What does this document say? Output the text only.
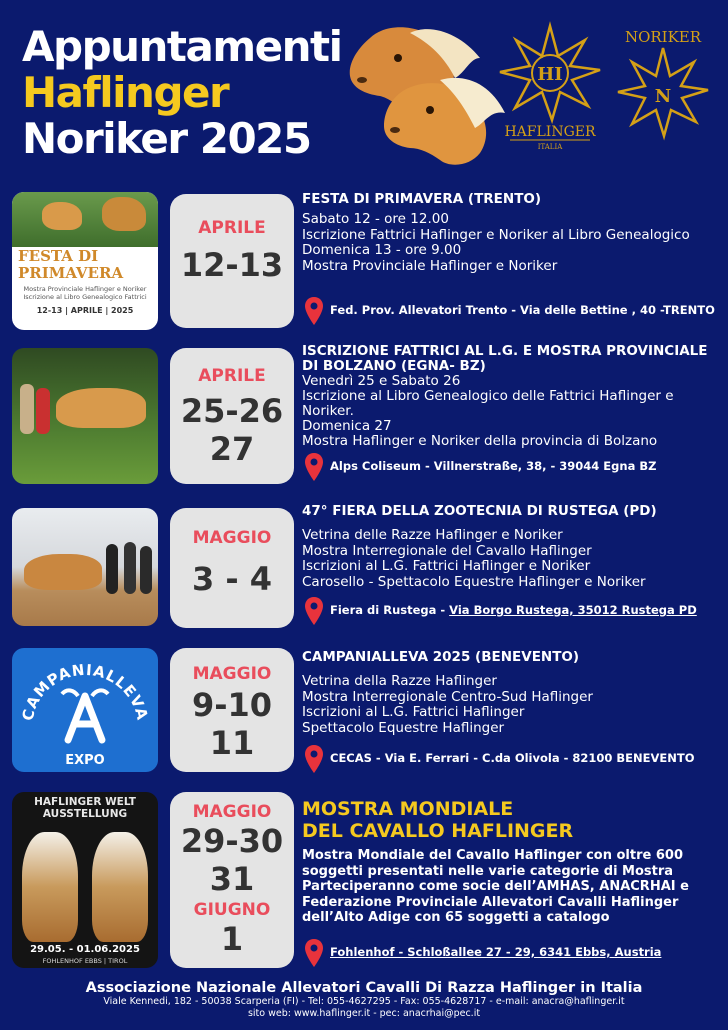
Appuntamenti
Haflinger
Noriker 2025
HI
HAFLINGER
ITALIA
NORIKER
N
FESTA DI
PRIMAVERA
Mostra Provinciale Haflinger e Noriker
Iscrizione al Libro Genealogico Fattrici
12-13 | APRILE | 2025
APRILE
12-13
FESTA DI PRIMAVERA (TRENTO)
Sabato 12 - ore 12.00
Iscrizione Fattrici Haflinger e Noriker al Libro Genealogico
Domenica 13 - ore 9.00
Mostra Provinciale Haflinger e Noriker
Fed. Prov. Allevatori Trento - Via delle Bettine , 40 -TRENTO
APRILE
25-26
27
ISCRIZIONE FATTRICI AL L.G. E MOSTRA PROVINCIALE DI BOLZANO (EGNA- BZ)
Venedrì 25 e Sabato 26
Iscrizione al Libro Genealogico delle Fattrici Haflinger e Noriker.
Domenica 27
Mostra Haflinger e Noriker della provincia di Bolzano
Alps Coliseum - Villnerstraße, 38, - 39044 Egna BZ
MAGGIO
3 - 4
47° FIERA DELLA ZOOTECNIA DI RUSTEGA (PD)
Vetrina delle Razze Haflinger e Noriker
Mostra Interregionale del Cavallo Haflinger
Iscrizioni al L.G. Fattrici Haflinger e Noriker
Carosello - Spettacolo Equestre Haflinger e Noriker
Fiera di Rustega - Via Borgo Rustega, 35012 Rustega PD
CAMPANIALLEVA
EXPO
MAGGIO
9-10
11
CAMPANIALLEVA 2025 (BENEVENTO)
Vetrina della Razze Haflinger
Mostra Interregionale Centro-Sud Haflinger
Iscrizioni al L.G. Fattrici Haflinger
Spettacolo Equestre Haflinger
CECAS - Via E. Ferrari - C.da Olivola - 82100 BENEVENTO
HAFLINGER WELT
AUSSTELLUNG
29.05. - 01.06.2025
FOHLENHOF EBBS | TIROL
MAGGIO
29-30
31
GIUGNO
1
MOSTRA MONDIALE
DEL CAVALLO HAFLINGER
Mostra Mondiale del Cavallo Haflinger con oltre 600 soggetti presentati nelle varie categorie di Mostra
Parteciperanno come socie dell’AMHAS, ANACRHAI e Federazione Provinciale Allevatori Cavalli Haflinger dell’Alto Adige con 65 soggetti a catalogo
Fohlenhof - Schloßallee 27 - 29, 6341 Ebbs, Austria
Associazione Nazionale Allevatori Cavalli Di Razza Haflinger in Italia
Viale Kennedi, 182 - 50038 Scarperia (FI) - Tel: 055-4627295 - Fax: 055-4628717 - e-mail: anacra@haflinger.it
sito web: www.haflinger.it - pec: anacrhai@pec.it
